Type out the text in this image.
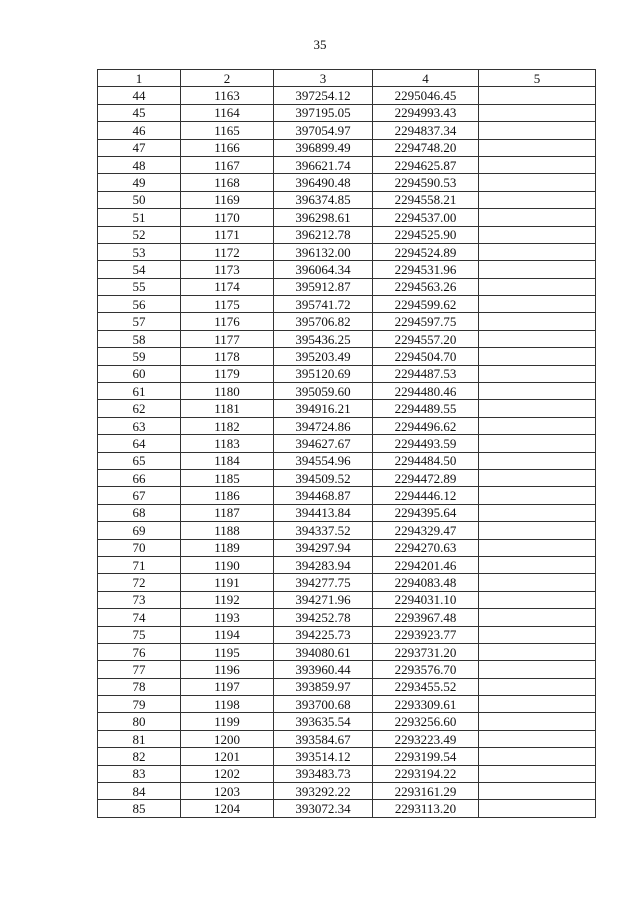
35
1	2	3	4	5
44	1163	397254.12	2295046.45	
45	1164	397195.05	2294993.43	
46	1165	397054.97	2294837.34	
47	1166	396899.49	2294748.20	
48	1167	396621.74	2294625.87	
49	1168	396490.48	2294590.53	
50	1169	396374.85	2294558.21	
51	1170	396298.61	2294537.00	
52	1171	396212.78	2294525.90	
53	1172	396132.00	2294524.89	
54	1173	396064.34	2294531.96	
55	1174	395912.87	2294563.26	
56	1175	395741.72	2294599.62	
57	1176	395706.82	2294597.75	
58	1177	395436.25	2294557.20	
59	1178	395203.49	2294504.70	
60	1179	395120.69	2294487.53	
61	1180	395059.60	2294480.46	
62	1181	394916.21	2294489.55	
63	1182	394724.86	2294496.62	
64	1183	394627.67	2294493.59	
65	1184	394554.96	2294484.50	
66	1185	394509.52	2294472.89	
67	1186	394468.87	2294446.12	
68	1187	394413.84	2294395.64	
69	1188	394337.52	2294329.47	
70	1189	394297.94	2294270.63	
71	1190	394283.94	2294201.46	
72	1191	394277.75	2294083.48	
73	1192	394271.96	2294031.10	
74	1193	394252.78	2293967.48	
75	1194	394225.73	2293923.77	
76	1195	394080.61	2293731.20	
77	1196	393960.44	2293576.70	
78	1197	393859.97	2293455.52	
79	1198	393700.68	2293309.61	
80	1199	393635.54	2293256.60	
81	1200	393584.67	2293223.49	
82	1201	393514.12	2293199.54	
83	1202	393483.73	2293194.22	
84	1203	393292.22	2293161.29	
85	1204	393072.34	2293113.20	
